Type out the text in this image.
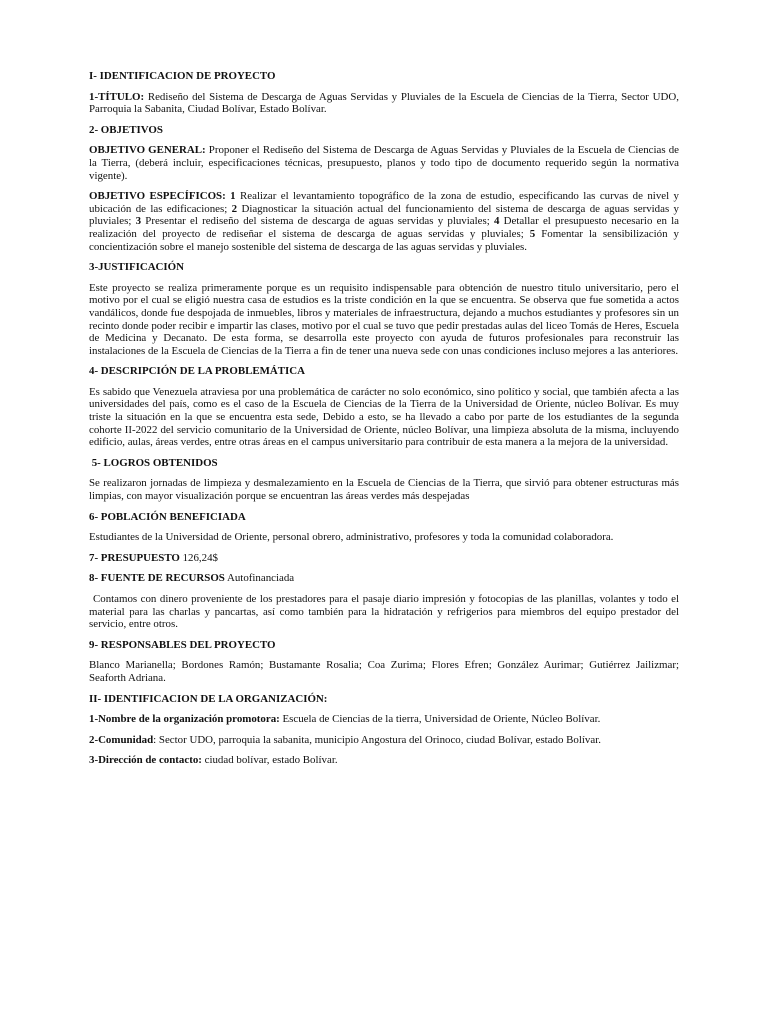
I- IDENTIFICACION DE PROYECTO
1-TÍTULO: Rediseño del Sistema de Descarga de Aguas Servidas y Pluviales de la Escuela de Ciencias de la Tierra, Sector UDO, Parroquia la Sabanita, Ciudad Bolívar, Estado Bolívar.
2- OBJETIVOS
OBJETIVO GENERAL: Proponer el Rediseño del Sistema de Descarga de Aguas Servidas y Pluviales de la Escuela de Ciencias de la Tierra, (deberá incluir, especificaciones técnicas, presupuesto, planos y todo tipo de documento requerido según la normativa vigente).
OBJETIVO ESPECÍFICOS: 1 Realizar el levantamiento topográfico de la zona de estudio, especificando las curvas de nivel y ubicación de las edificaciones; 2 Diagnosticar la situación actual del funcionamiento del sistema de descarga de aguas servidas y pluviales; 3 Presentar el rediseño del sistema de descarga de aguas servidas y pluviales; 4 Detallar el presupuesto necesario en la realización del proyecto de rediseñar el sistema de descarga de aguas servidas y pluviales; 5 Fomentar la sensibilización y concientización sobre el manejo sostenible del sistema de descarga de las aguas servidas y pluviales.
3-JUSTIFICACIÓN
Este proyecto se realiza primeramente porque es un requisito indispensable para obtención de nuestro titulo universitario, pero el motivo por el cual se eligió nuestra casa de estudios es la triste condición en la que se encuentra. Se observa que fue sometida a actos vandálicos, donde fue despojada de inmuebles, libros y materiales de infraestructura, dejando a muchos estudiantes y profesores sin un recinto donde poder recibir e impartir las clases, motivo por el cual se tuvo que pedir prestadas aulas del liceo Tomás de Heres, Escuela de Medicina y Decanato. De esta forma, se desarrolla este proyecto con ayuda de futuros profesionales para reconstruir las instalaciones de la Escuela de Ciencias de la Tierra a fin de tener una nueva sede con unas condiciones incluso mejores a las anteriores.
4- DESCRIPCIÓN DE LA PROBLEMÁTICA
Es sabido que Venezuela atraviesa por una problemática de carácter no solo económico, sino político y social, que también afecta a las universidades del país, como es el caso de la Escuela de Ciencias de la Tierra de la Universidad de Oriente, núcleo Bolívar. Es muy triste la situación en la que se encuentra esta sede, Debido a esto, se ha llevado a cabo por parte de los estudiantes de la segunda cohorte II-2022 del servicio comunitario de la Universidad de Oriente, núcleo Bolívar, una limpieza absoluta de la misma, incluyendo edificio, aulas, áreas verdes, entre otras áreas en el campus universitario para contribuir de esta manera a la mejora de la universidad.
5- LOGROS OBTENIDOS
Se realizaron jornadas de limpieza y desmalezamiento en la Escuela de Ciencias de la Tierra, que sirvió para obtener estructuras más limpias, con mayor visualización porque se encuentran las áreas verdes más despejadas
6- POBLACIÓN BENEFICIADA
Estudiantes de la Universidad de Oriente, personal obrero, administrativo, profesores y toda la comunidad colaboradora.
7- PRESUPUESTO 126,24$
8- FUENTE DE RECURSOS Autofinanciada
Contamos con dinero proveniente de los prestadores para el pasaje diario impresión y fotocopias de las planillas, volantes y todo el material para las charlas y pancartas, así como también para la hidratación y refrigerios para miembros del equipo prestador del servicio, entre otros.
9- RESPONSABLES DEL PROYECTO
Blanco Marianella; Bordones Ramón; Bustamante Rosalia; Coa Zurima; Flores Efren; González Aurimar; Gutiérrez Jailizmar; Seaforth Adriana.
II- IDENTIFICACION DE LA ORGANIZACIÓN:
1-Nombre de la organización promotora: Escuela de Ciencias de la tierra, Universidad de Oriente, Núcleo Bolívar.
2-Comunidad: Sector UDO, parroquia la sabanita, municipio Angostura del Orinoco, ciudad Bolívar, estado Bolívar.
3-Dirección de contacto: ciudad bolívar, estado Bolívar.
